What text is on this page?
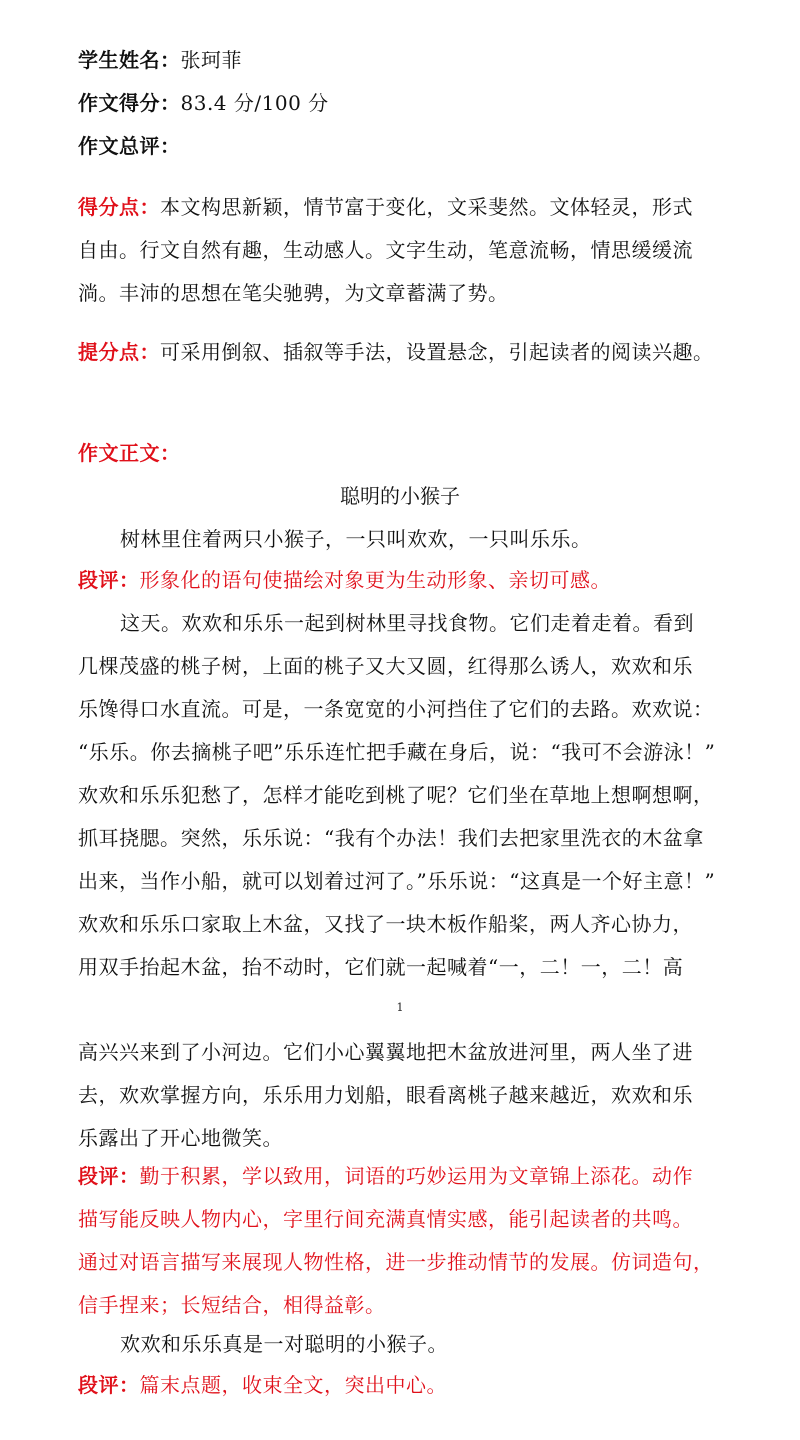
学生姓名：张珂菲
作文得分：83.4 分/100 分
作文总评：
得分点：本文构思新颖，情节富于变化，文采斐然。文体轻灵，形式
自由。行文自然有趣，生动感人。文字生动，笔意流畅，情思缓缓流
淌。丰沛的思想在笔尖驰骋，为文章蓄满了势。
提分点：可采用倒叙、插叙等手法，设置悬念，引起读者的阅读兴趣。
作文正文：
聪明的小猴子
树林里住着两只小猴子，一只叫欢欢，一只叫乐乐。
段评：形象化的语句使描绘对象更为生动形象、亲切可感。
这天。欢欢和乐乐一起到树林里寻找食物。它们走着走着。看到
几棵茂盛的桃子树，上面的桃子又大又圆，红得那么诱人，欢欢和乐
乐馋得口水直流。可是，一条宽宽的小河挡住了它们的去路。欢欢说：
“乐乐。你去摘桃子吧”乐乐连忙把手藏在身后，说：“我可不会游泳！”
欢欢和乐乐犯愁了，怎样才能吃到桃了呢？它们坐在草地上想啊想啊，
抓耳挠腮。突然，乐乐说：“我有个办法！我们去把家里洗衣的木盆拿
出来，当作小船，就可以划着过河了。”乐乐说：“这真是一个好主意！”
欢欢和乐乐口家取上木盆，又找了一块木板作船桨，两人齐心协力，
用双手抬起木盆，抬不动时，它们就一起喊着“一，二！一，二！高
1
高兴兴来到了小河边。它们小心翼翼地把木盆放进河里，两人坐了进
去，欢欢掌握方向，乐乐用力划船，眼看离桃子越来越近，欢欢和乐
乐露出了开心地微笑。
段评：勤于积累，学以致用，词语的巧妙运用为文章锦上添花。动作
描写能反映人物内心，字里行间充满真情实感，能引起读者的共鸣。
通过对语言描写来展现人物性格，进一步推动情节的发展。仿词造句，
信手捏来；长短结合，相得益彰。
欢欢和乐乐真是一对聪明的小猴子。
段评：篇末点题，收束全文，突出中心。
